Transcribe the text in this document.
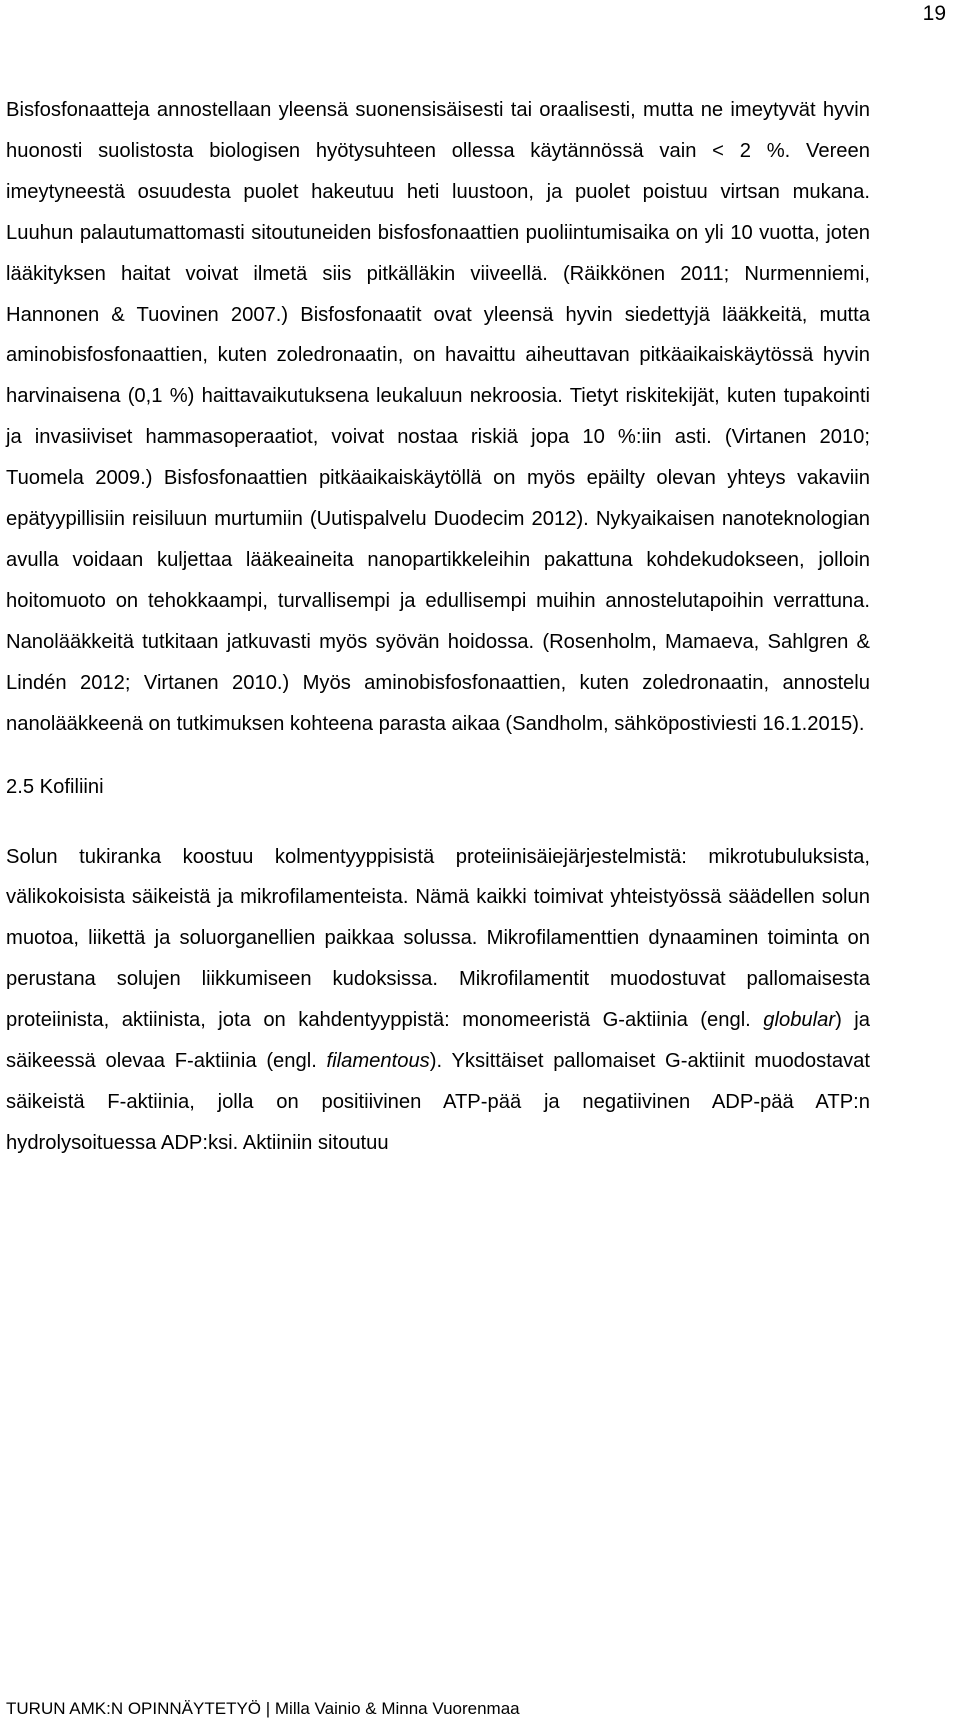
19

Bisfosfonaatteja annostellaan yleensä suonensisäisesti tai oraalisesti, mutta ne imeytyvät hyvin huonosti suolistosta biologisen hyötysuhteen ollessa käytännössä vain < 2 %. Vereen imeytyneestä osuudesta puolet hakeutuu heti luustoon, ja puolet poistuu virtsan mukana. Luuhun palautumattomasti sitoutuneiden bisfosfonaattien puoliintumisaika on yli 10 vuotta, joten lääkityksen haitat voivat ilmetä siis pitkälläkin viiveellä. (Räikkönen 2011; Nurmenniemi, Hannonen & Tuovinen 2007.) Bisfosfonaatit ovat yleensä hyvin siedettyjä lääkkeitä, mutta aminobisfosfonaattien, kuten zoledronaatin, on havaittu aiheuttavan pitkäaikaiskäytössä hyvin harvinaisena (0,1 %) haittavaikutuksena leukaluun nekroosia. Tietyt riskitekijät, kuten tupakointi ja invasiiviset hammasoperaatiot, voivat nostaa riskiä jopa 10 %:iin asti. (Virtanen 2010; Tuomela 2009.) Bisfosfonaattien pitkäaikaiskäytöllä on myös epäilty olevan yhteys vakaviin epätyypillisiin reisiluun murtumiin (Uutispalvelu Duodecim 2012). Nykyaikaisen nanoteknologian avulla voidaan kuljettaa lääkeaineita nanopartikkeleihin pakattuna kohdekudokseen, jolloin hoitomuoto on tehokkaampi, turvallisempi ja edullisempi muihin annostelutapoihin verrattuna. Nanolääkkeitä tutkitaan jatkuvasti myös syövän hoidossa. (Rosenholm, Mamaeva, Sahlgren & Lindén 2012; Virtanen 2010.) Myös aminobisfosfonaattien, kuten zoledronaatin, annostelu nanolääkkeenä on tutkimuksen kohteena parasta aikaa (Sandholm, sähköpostiviesti 16.1.2015).

2.5 Kofiliini

Solun tukiranka koostuu kolmentyyppisistä proteiinisäiejärjestelmistä: mikrotubuluksista, välikokoisista säikeistä ja mikrofilamenteista. Nämä kaikki toimivat yhteistyössä säädellen solun muotoa, liikettä ja soluorganellien paikkaa solussa. Mikrofilamenttien dynaaminen toiminta on perustana solujen liikkumiseen kudoksissa. Mikrofilamentit muodostuvat pallomaisesta proteiinista, aktiinista, jota on kahdentyyppistä: monomeeristä G-aktiinia (engl. globular) ja säikeessä olevaa F-aktiinia (engl. filamentous). Yksittäiset pallomaiset G-aktiinit muodostavat säikeistä F-aktiinia, jolla on positiivinen ATP-pää ja negatiivinen ADP-pää ATP:n hydrolysoituessa ADP:ksi. Aktiiniin sitoutuu

TURUN AMK:N OPINNÄYTETYÖ | Milla Vainio & Minna Vuorenmaa
